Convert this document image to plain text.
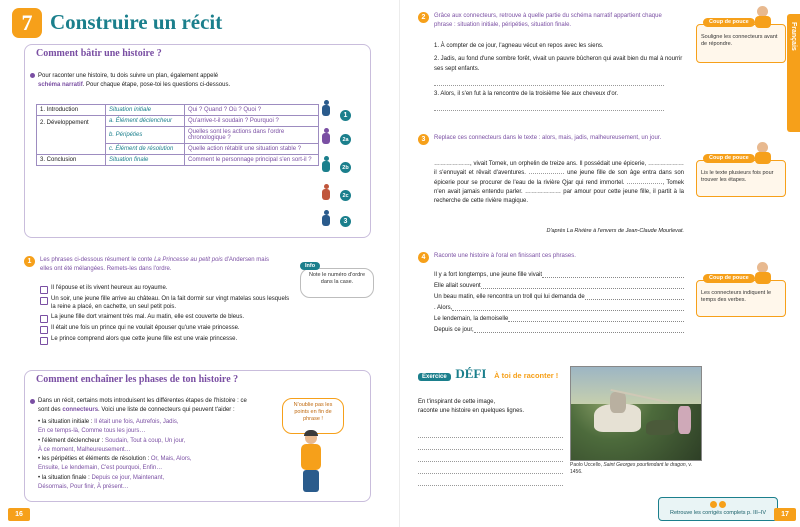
7 Construire un récit
Comment bâtir une histoire ?
Pour raconter une histoire, tu dois suivre un plan, également appelé
schéma narratif. Pour chaque étape, pose-toi les questions ci-dessous.
1. Introduction	Situation initiale	Qui ? Quand ? Où ? Quoi ?
2. Développement	a. Élément déclencheur	Qu'arrive-t-il soudain ? Pourquoi ?
	b. Péripéties	Quelles sont les actions dans l'ordre chronologique ?
	c. Élément de résolution	Quelle action rétablit une situation stable ?
3. Conclusion	Situation finale	Comment le personnage principal s'en sort-il ?
1
2a
2b
2c
3
1	Les phrases ci-dessous résument le conte La Princesse au petit pois d'Andersen mais elles ont été mélangées. Remets-les dans l'ordre.
Il l'épouse et ils vivent heureux au royaume.
Un soir, une jeune fille arrive au château. On la fait dormir sur vingt matelas sous lesquels la reine a placé, en cachette, un seul petit pois.
La jeune fille dort vraiment très mal. Au matin, elle est couverte de bleus.
Il était une fois un prince qui ne voulait épouser qu'une vraie princesse.
Le prince comprend alors que cette jeune fille est une vraie princesse.
Note le numéro d'ordre dans la case.
Info
Comment enchaîner les phases de ton histoire ?
Dans un récit, certains mots introduisent les différentes étapes de l'histoire : ce sont des connecteurs. Voici une liste de connecteurs qui peuvent t'aider :
• la situation initiale : Il était une fois, Autrefois, Jadis,
En ce temps-là, Comme tous les jours…
• l'élément déclencheur : Soudain, Tout à coup, Un jour,
À ce moment, Malheureusement…
• les péripéties et éléments de résolution : Or, Mais, Alors,
Ensuite, Le lendemain, C'est pourquoi, Enfin…
• la situation finale : Depuis ce jour, Maintenant,
Désormais, Pour finir, À présent…
N'oublie pas les points en fin de phrase !
16
Français
2	Grâce aux connecteurs, retrouve à quelle partie du schéma narratif appartient chaque phrase : situation initiale, péripéties, situation finale.
1. À compter de ce jour, l'agneau vécut en repos avec les siens.
2. Jadis, au fond d'une sombre forêt, vivait un pauvre bûcheron qui avait bien du mal à nourrir ses sept enfants.
3. Alors, il s'en fut à la rencontre de la troisième fée aux cheveux d'or.
Coup de pouce
Souligne les connecteurs avant de répondre.
3	Replace ces connecteurs dans le texte : alors, mais, jadis, malheureusement, un jour.
………………, vivait Tomek, un orphelin de treize ans. Il possédait une épicerie, ……………… il s'ennuyait et rêvait d'aventures. ……………… une jeune fille de son âge entra dans son épicerie pour se procurer de l'eau de la rivière Qjar qui rend immortel. ………………, Tomek n'en avait jamais entendu parler. ……………… par amour pour cette jeune fille, il partit à la recherche de cette rivière magique.
D'après La Rivière à l'envers de Jean-Claude Mourlevat.
Coup de pouce
Lis le texte plusieurs fois pour trouver les étapes.
4	Raconte une histoire à l'oral en finissant ces phrases.
Il y a fort longtemps, une jeune fille vivait
Elle allait souvent
Un beau matin, elle rencontra un troll qui lui demanda de
. Alors,
Le lendemain, la demoiselle
Depuis ce jour,
Coup de pouce
Les connecteurs indiquent le temps des verbes.
Exercice DÉFI À toi de raconter !
En t'inspirant de cette image,
raconte une histoire en quelques lignes.
Paolo Uccello, Saint Georges pourfendant le dragon, v. 1456.

Retrouve les corrigés complets p. III–IV	17
